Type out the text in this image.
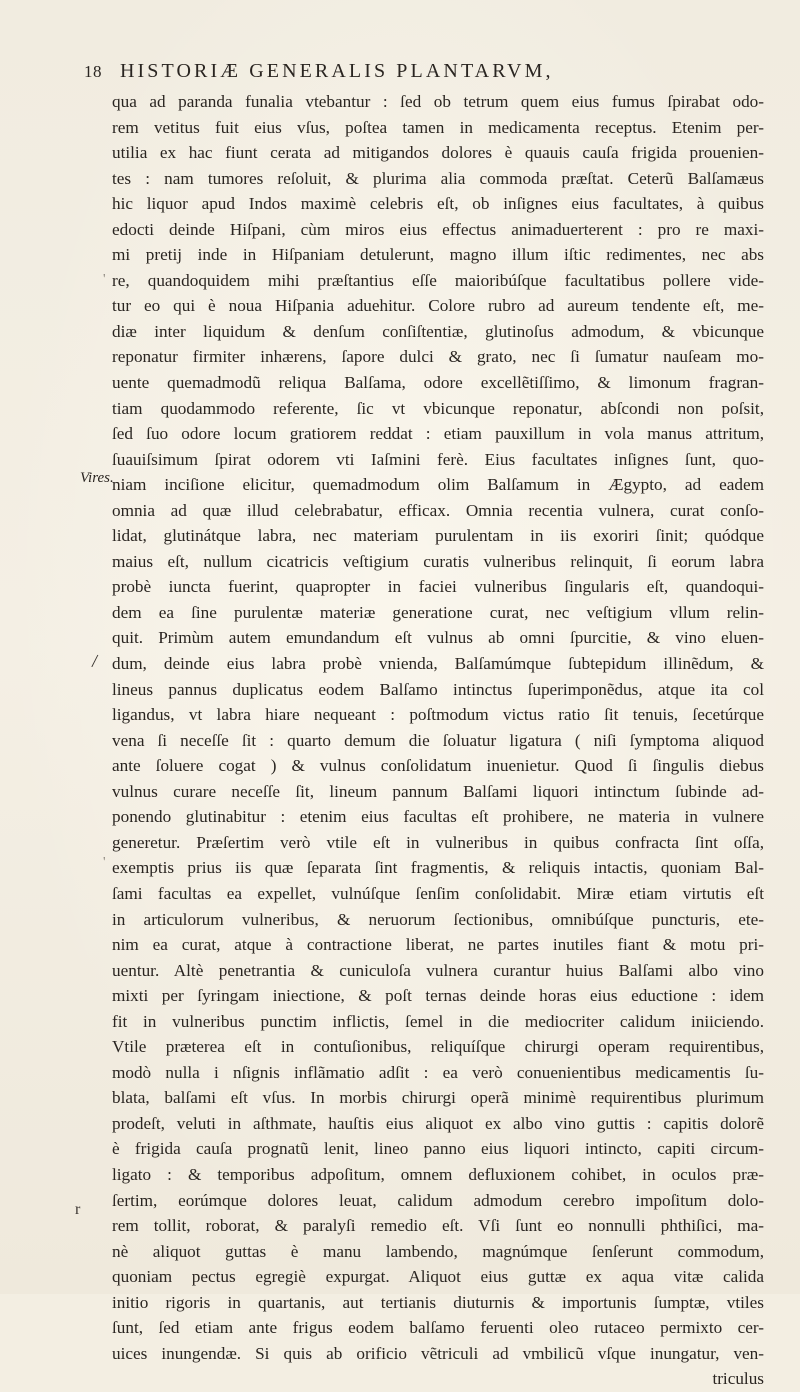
18 HISTORIÆ GENERALIS PLANTARVM,
Vires.
/
'
'
r
qua ad paranda funalia vtebantur : ſed ob tetrum quem eius fumus ſpirabat odo-
rem vetitus fuit eius vſus, poſtea tamen in medicamenta receptus. Etenim per-
utilia ex hac fiunt cerata ad mitigandos dolores è quauis cauſa frigida prouenien-
tes : nam tumores reſoluit, & plurima alia commoda præſtat. Ceterũ Balſamæus
hic liquor apud Indos maximè celebris eſt, ob inſignes eius facultates, à quibus
edocti deinde Hiſpani, cùm miros eius effectus animaduerterent : pro re maxi-
mi pretij inde in Hiſpaniam detulerunt, magno illum iſtic redimentes, nec abs
re, quandoquidem mihi præſtantius eſſe maioribúſque facultatibus pollere vide-
tur eo qui è noua Hiſpania aduehitur. Colore rubro ad aureum tendente eſt, me-
diæ inter liquidum & denſum conſiſtentiæ, glutinoſus admodum, & vbicunque
reponatur firmiter inhærens, ſapore dulci & grato, nec ſi ſumatur nauſeam mo-
uente quemadmodũ reliqua Balſama, odore excellẽtiſſimo, & limonum fragran-
tiam quodammodo referente, ſic vt vbicunque reponatur, abſcondi non poſsit,
ſed ſuo odore locum gratiorem reddat : etiam pauxillum in vola manus attritum,
ſuauiſsimum ſpirat odorem vti Iaſmini ferè. Eius facultates inſignes ſunt, quo-
niam inciſione elicitur, quemadmodum olim Balſamum in Ægypto, ad eadem
omnia ad quæ illud celebrabatur, efficax. Omnia recentia vulnera, curat conſo-
lidat, glutinátque labra, nec materiam purulentam in iis exoriri ſinit; quódque
maius eſt, nullum cicatricis veſtigium curatis vulneribus relinquit, ſi eorum labra
probè iuncta fuerint, quapropter in faciei vulneribus ſingularis eſt, quandoqui-
dem ea ſine purulentæ materiæ generatione curat, nec veſtigium vllum relin-
quit. Primùm autem emundandum eſt vulnus ab omni ſpurcitie, & vino eluen-
dum, deinde eius labra probè vnienda, Balſamúmque ſubtepidum illinẽdum, &
lineus pannus duplicatus eodem Balſamo intinctus ſuperimponẽdus, atque ita col
ligandus, vt labra hiare nequeant : poſtmodum victus ratio ſit tenuis, ſecetúrque
vena ſi neceſſe ſit : quarto demum die ſoluatur ligatura ( niſi ſymptoma aliquod
ante ſoluere cogat ) & vulnus conſolidatum inuenietur. Quod ſi ſingulis diebus
vulnus curare neceſſe ſit, lineum pannum Balſami liquori intinctum ſubinde ad-
ponendo glutinabitur : etenim eius facultas eſt prohibere, ne materia in vulnere
generetur. Præſertim verò vtile eſt in vulneribus in quibus confracta ſint oſſa,
exemptis prius iis quæ ſeparata ſint fragmentis, & reliquis intactis, quoniam Bal-
ſami facultas ea expellet, vulnúſque ſenſim conſolidabit. Miræ etiam virtutis eſt
in articulorum vulneribus, & neruorum ſectionibus, omnibúſque puncturis, ete-
nim ea curat, atque à contractione liberat, ne partes inutiles fiant & motu pri-
uentur. Altè penetrantia & cuniculoſa vulnera curantur huius Balſami albo vino
mixti per ſyringam iniectione, & poſt ternas deinde horas eius eductione : idem
fit in vulneribus punctim inflictis, ſemel in die mediocriter calidum iniiciendo.
Vtile præterea eſt in contuſionibus, reliquíſque chirurgi operam requirentibus,
modò nulla i nſignis inflãmatio adſit : ea verò conuenientibus medicamentis ſu-
blata, balſami eſt vſus. In morbis chirurgi operã minimè requirentibus plurimum
prodeſt, veluti in aſthmate, hauſtis eius aliquot ex albo vino guttis : capitis dolorẽ
è frigida cauſa prognatũ lenit, lineo panno eius liquori intincto, capiti circum-
ligato : & temporibus adpoſitum, omnem defluxionem cohibet, in oculos præ-
ſertim, eorúmque dolores leuat, calidum admodum cerebro impoſitum dolo-
rem tollit, roborat, & paralyſi remedio eſt. Vſi ſunt eo nonnulli phthiſici, ma-
nè aliquot guttas è manu lambendo, magnúmque ſenſerunt commodum,
quoniam pectus egregiè expurgat. Aliquot eius guttæ ex aqua vitæ calida
initio rigoris in quartanis, aut tertianis diuturnis & importunis ſumptæ, vtiles
ſunt, ſed etiam ante frigus eodem balſamo feruenti oleo rutaceo permixto cer-
uices inungendæ. Si quis ab orificio vẽtriculi ad vmbilicũ vſque inungatur, ven-
triculus
